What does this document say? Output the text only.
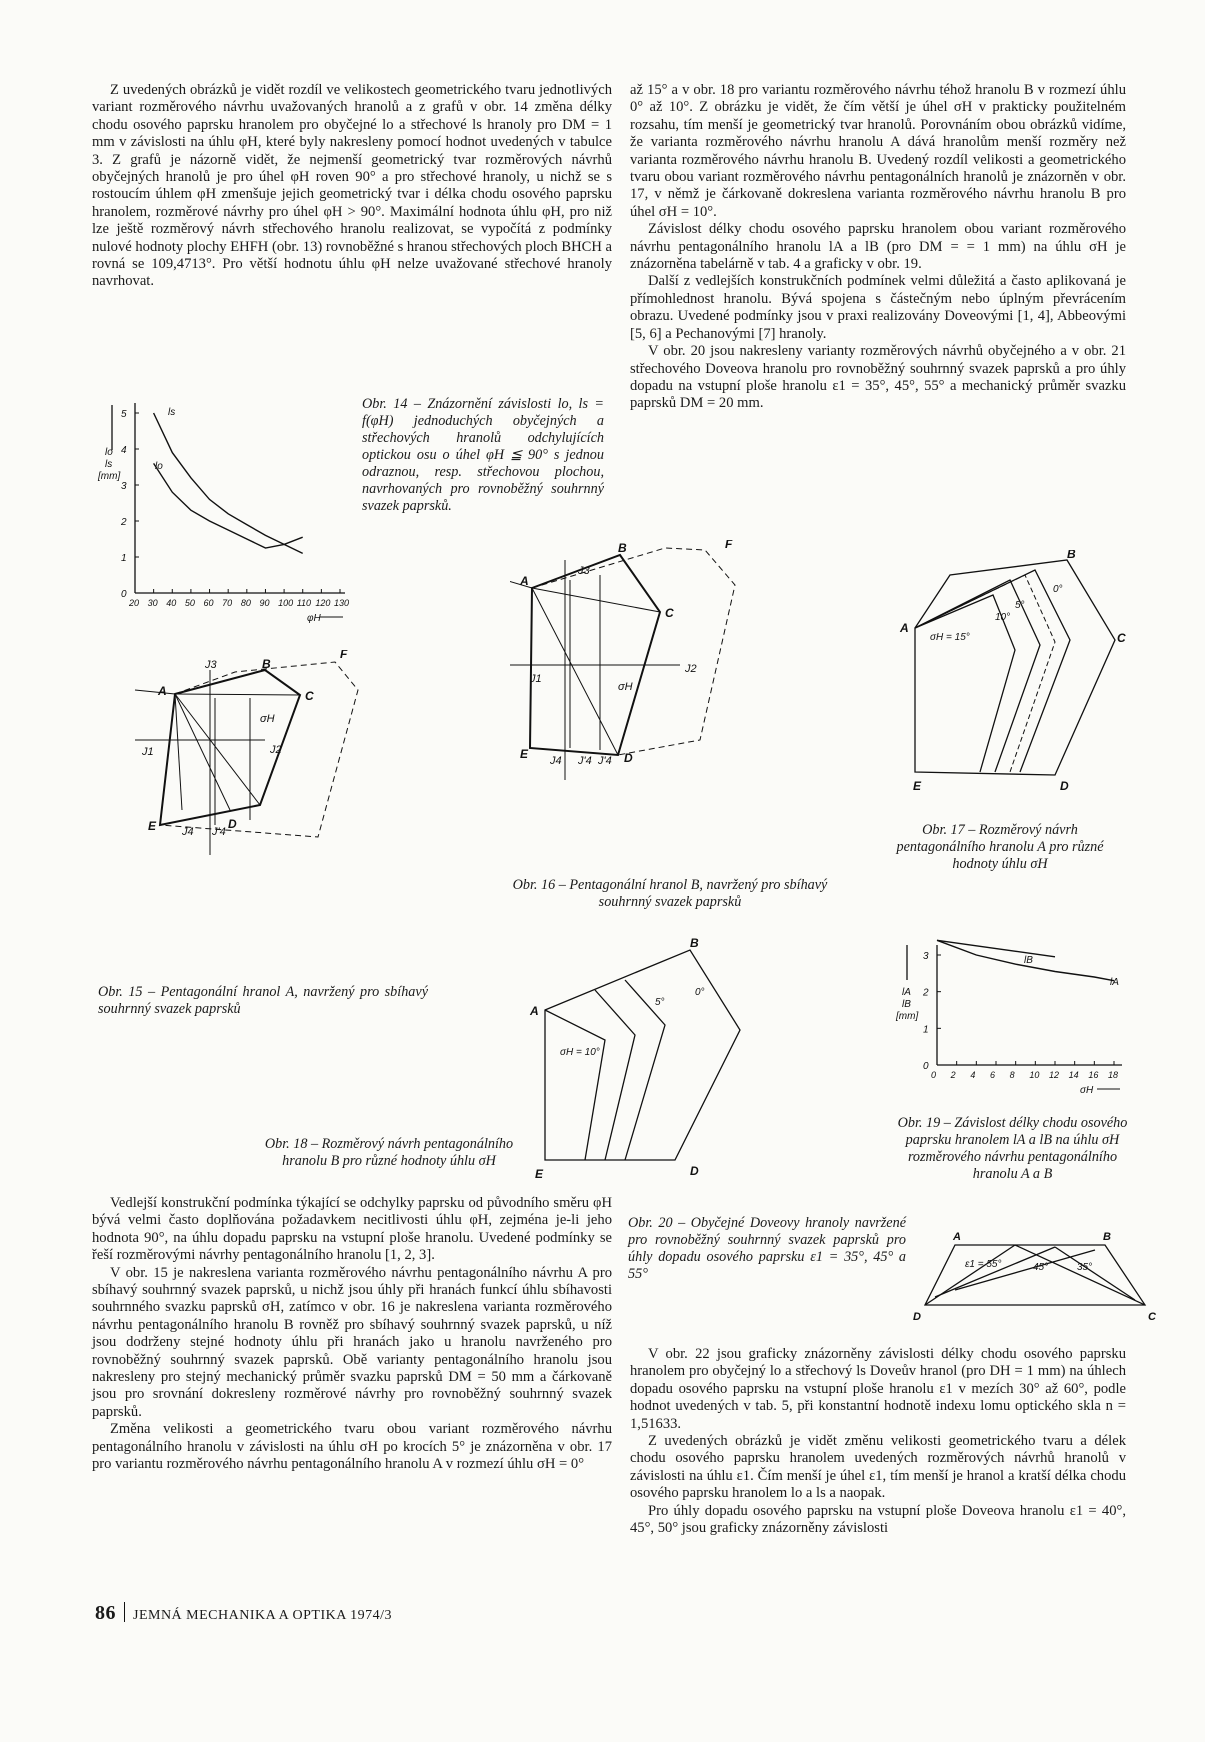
Z uvedených obrázků je vidět rozdíl ve velikostech geometrického tvaru jednotlivých variant rozměrového návrhu uvažovaných hranolů a z grafů v obr. 14 změna délky chodu osového paprsku hranolem pro obyčejné lo a střechové ls hranoly pro DM = 1 mm v závislosti na úhlu φH, které byly nakresleny pomocí hodnot uvedených v tabulce 3. Z grafů je názorně vidět, že nejmenší geometrický tvar rozměrových návrhů obyčejných hranolů je pro úhel φH roven 90° a pro střechové hranoly, u nichž se s rostoucím úhlem φH zmenšuje jejich geometrický tvar i délka chodu osového paprsku hranolem, rozměrové návrhy pro úhel φH > 90°. Maximální hodnota úhlu φH, pro niž lze ještě rozměrový návrh střechového hranolu realizovat, se vypočítá z podmínky nulové hodnoty plochy EHFH (obr. 13) rovnoběžné s hranou střechových ploch BHCH a rovná se 109,4713°. Pro větší hodnotu úhlu φH nelze uvažované střechové hranoly navrhovat.

až 15° a v obr. 18 pro variantu rozměrového návrhu téhož hranolu B v rozmezí úhlu 0° až 10°. Z obrázku je vidět, že čím větší je úhel σH v prakticky použitelném rozsahu, tím menší je geometrický tvar hranolů. Porovnáním obou obrázků vidíme, že varianta rozměrového návrhu hranolu A dává hranolům menší rozměry než varianta rozměrového návrhu hranolu B. Uvedený rozdíl velikosti a geometrického tvaru obou variant rozměrového návrhu pentagonálních hranolů je znázorněn v obr. 17, v němž je čárkovaně dokreslena varianta rozměrového návrhu hranolu B pro úhel σH = 10°.

Závislost délky chodu osového paprsku hranolem obou variant rozměrového návrhu pentagonálního hranolu lA a lB (pro DM = = 1 mm) na úhlu σH je znázorněna tabelárně v tab. 4 a graficky v obr. 19.

Další z vedlejších konstrukčních podmínek velmi důležitá a často aplikovaná je přímohlednost hranolu. Bývá spojena s částečným nebo úplným převrácením obrazu. Uvedené podmínky jsou v praxi realizovány Doveovými [1, 4], Abbeovými [5, 6] a Pechanovými [7] hranoly.

V obr. 20 jsou nakresleny varianty rozměrových návrhů obyčejného a v obr. 21 střechového Doveova hranolu pro rovnoběžný souhrnný svazek paprsků a pro úhly dopadu na vstupní ploše hranolu ε1 = 35°, 45°, 55° a mechanický průměr svazku paprsků DM = 20 mm.

Vedlejší konstrukční podmínka týkající se odchylky paprsku od původního směru φH bývá velmi často doplňována požadavkem necitlivosti úhlu φH, zejména je-li jeho hodnota 90°, na úhlu dopadu paprsku na vstupní ploše hranolu. Uvedené podmínky se řeší rozměrovými návrhy pentagonálního hranolu [1, 2, 3].

V obr. 15 je nakreslena varianta rozměrového návrhu pentagonálního návrhu A pro sbíhavý souhrnný svazek paprsků, u nichž jsou úhly při hranách funkcí úhlu sbíhavosti souhrnného svazku paprsků σH, zatímco v obr. 16 je nakreslena varianta rozměrového návrhu pentagonálního hranolu B rovněž pro sbíhavý souhrnný svazek paprsků, u níž jsou dodrženy stejné hodnoty úhlu při hranách jako u hranolu navrženého pro rovnoběžný souhrnný svazek paprsků. Obě varianty pentagonálního hranolu jsou nakresleny pro stejný mechanický průměr svazku paprsků DM = 50 mm a čárkovaně jsou pro srovnání dokresleny rozměrové návrhy pro rovnoběžný souhrnný svazek paprsků.

Změna velikosti a geometrického tvaru obou variant rozměrového návrhu pentagonálního hranolu v závislosti na úhlu σH po krocích 5° je znázorněna v obr. 17 pro variantu rozměrového návrhu pentagonálního hranolu A v rozmezí úhlu σH = 0°

V obr. 22 jsou graficky znázorněny závislosti délky chodu osového paprsku hranolem pro obyčejný lo a střechový ls Doveův hranol (pro DH = 1 mm) na úhlech dopadu osového paprsku na vstupní ploše hranolu ε1 v mezích 30° až 60°, podle hodnot uvedených v tab. 5, při konstantní hodnotě indexu lomu optického skla n = 1,51633.

Z uvedených obrázků je vidět změnu velikosti geometrického tvaru a délek chodu osového paprsku hranolem uvedených rozměrových návrhů hranolů v závislosti na úhlu ε1. Čím menší je úhel ε1, tím menší je hranol a kratší délka chodu osového paprsku hranolem lo a ls a naopak.

Pro úhly dopadu osového paprsku na vstupní ploše Doveova hranolu ε1 = 40°, 45°, 50° jsou graficky znázorněny závislosti

Obr. 14 – Znázornění závislosti lo, ls = f(φH) jednoduchých obyčejných a střechových hranolů odchylujících optickou osu o úhel φH ≦ 90° s jednou odraznou, resp. střechovou plochou, navrhovaných pro rovnoběžný souhrnný svazek paprsků.
Obr. 15 – Pentagonální hranol A, navržený pro sbíhavý souhrnný svazek paprsků
Obr. 16 – Pentagonální hranol B, navržený pro sbíhavý souhrnný svazek paprsků
Obr. 17 – Rozměrový návrh pentagonálního hranolu A pro různé hodnoty úhlu σH
Obr. 18 – Rozměrový návrh pentagonálního hranolu B pro různé hodnoty úhlu σH
Obr. 19 – Závislost délky chodu osového paprsku hranolem lA a lB na úhlu σH rozměrového návrhu pentagonálního hranolu A a B
Obr. 20 – Obyčejné Doveovy hranoly navržené pro rovnoběžný souhrnný svazek paprsků pro úhly dopadu osového paprsku ε1 = 35°, 45° a 55°
5
4
3
2
1
0
20 30 40 50 60 70 80 90 100 110 120 130
lo
ls
[mm]
φH
ls
lo
A
B
C
D
E
F
J3
J1	J2
J4 J'4
σH
A
B
C
D
E
F
J3
J1
J2
J4 J'4 J'4
σH
A
B
C
D
E
0°
5°
10°
σH = 15°
A
B
D
E
0°
5°
σH = 10°
3
2
1
0
0 2 4 6 8 10 12 14 16 18
lA
lB
[mm]
σH
lB
lA
A	B
C
D
ε1 = 55°	45°	35°
86 JEMNÁ MECHANIKA A OPTIKA 1974/3
